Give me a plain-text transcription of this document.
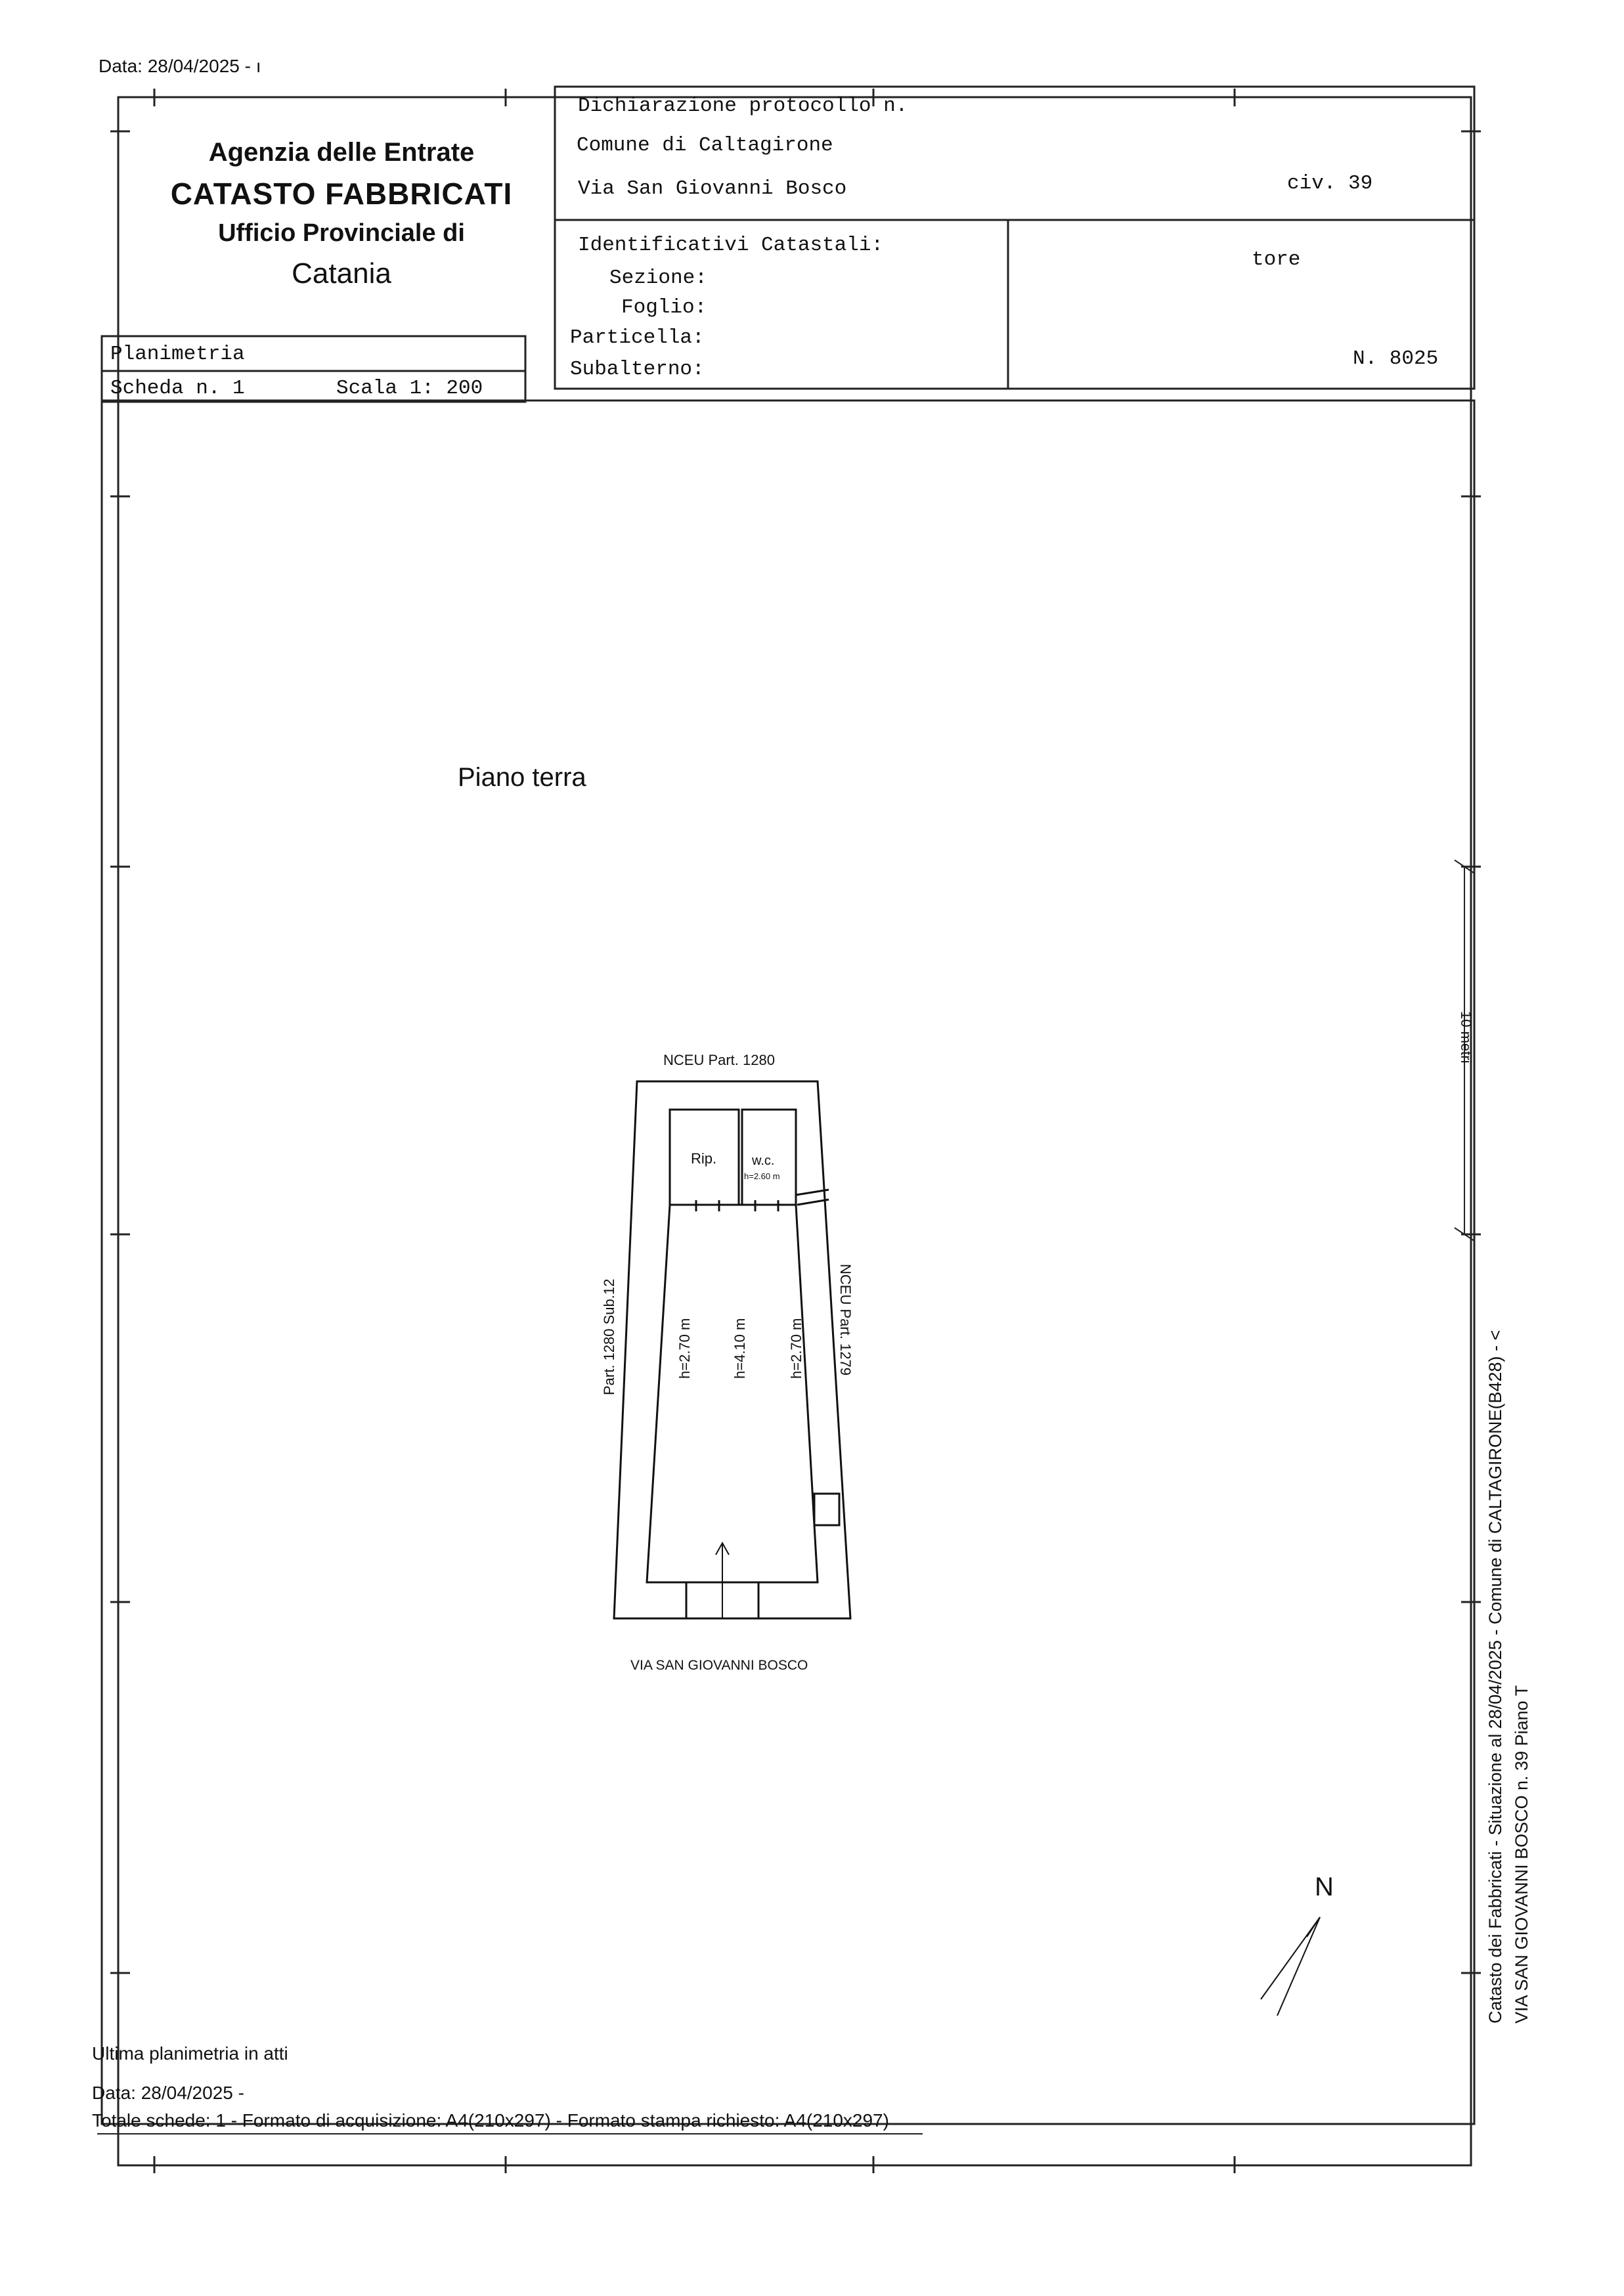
Data: 28/04/2025 - ı
Agenzia delle Entrate
CATASTO FABBRICATI
Ufficio Provinciale di
Catania
Dichiarazione protocollo n.
Comune di Caltagirone
Via San Giovanni Bosco	civ. 39
Identificativi Catastali:
Sezione:
Foglio:
Particella:
Subalterno:
tore
N. 8025
Planimetria
Scheda n. 1	Scala 1: 200
Piano terra
NCEU Part. 1280
Part. 1280 Sub.12	NCEU Part. 1279
VIA SAN GIOVANNI BOSCO
Rip.	w.c.
h=2.60 m
h=2.70 m	h=4.10 m	h=2.70 m
N
10 metri
Ultima planimetria in atti
Data: 28/04/2025 -
Totale schede: 1 - Formato di acquisizione: A4(210x297) - Formato stampa richiesto: A4(210x297)
Catasto dei Fabbricati - Situazione al 28/04/2025 - Comune di CALTAGIRONE(B428) - < VIA SAN GIOVANNI BOSCO n. 39 Piano T
